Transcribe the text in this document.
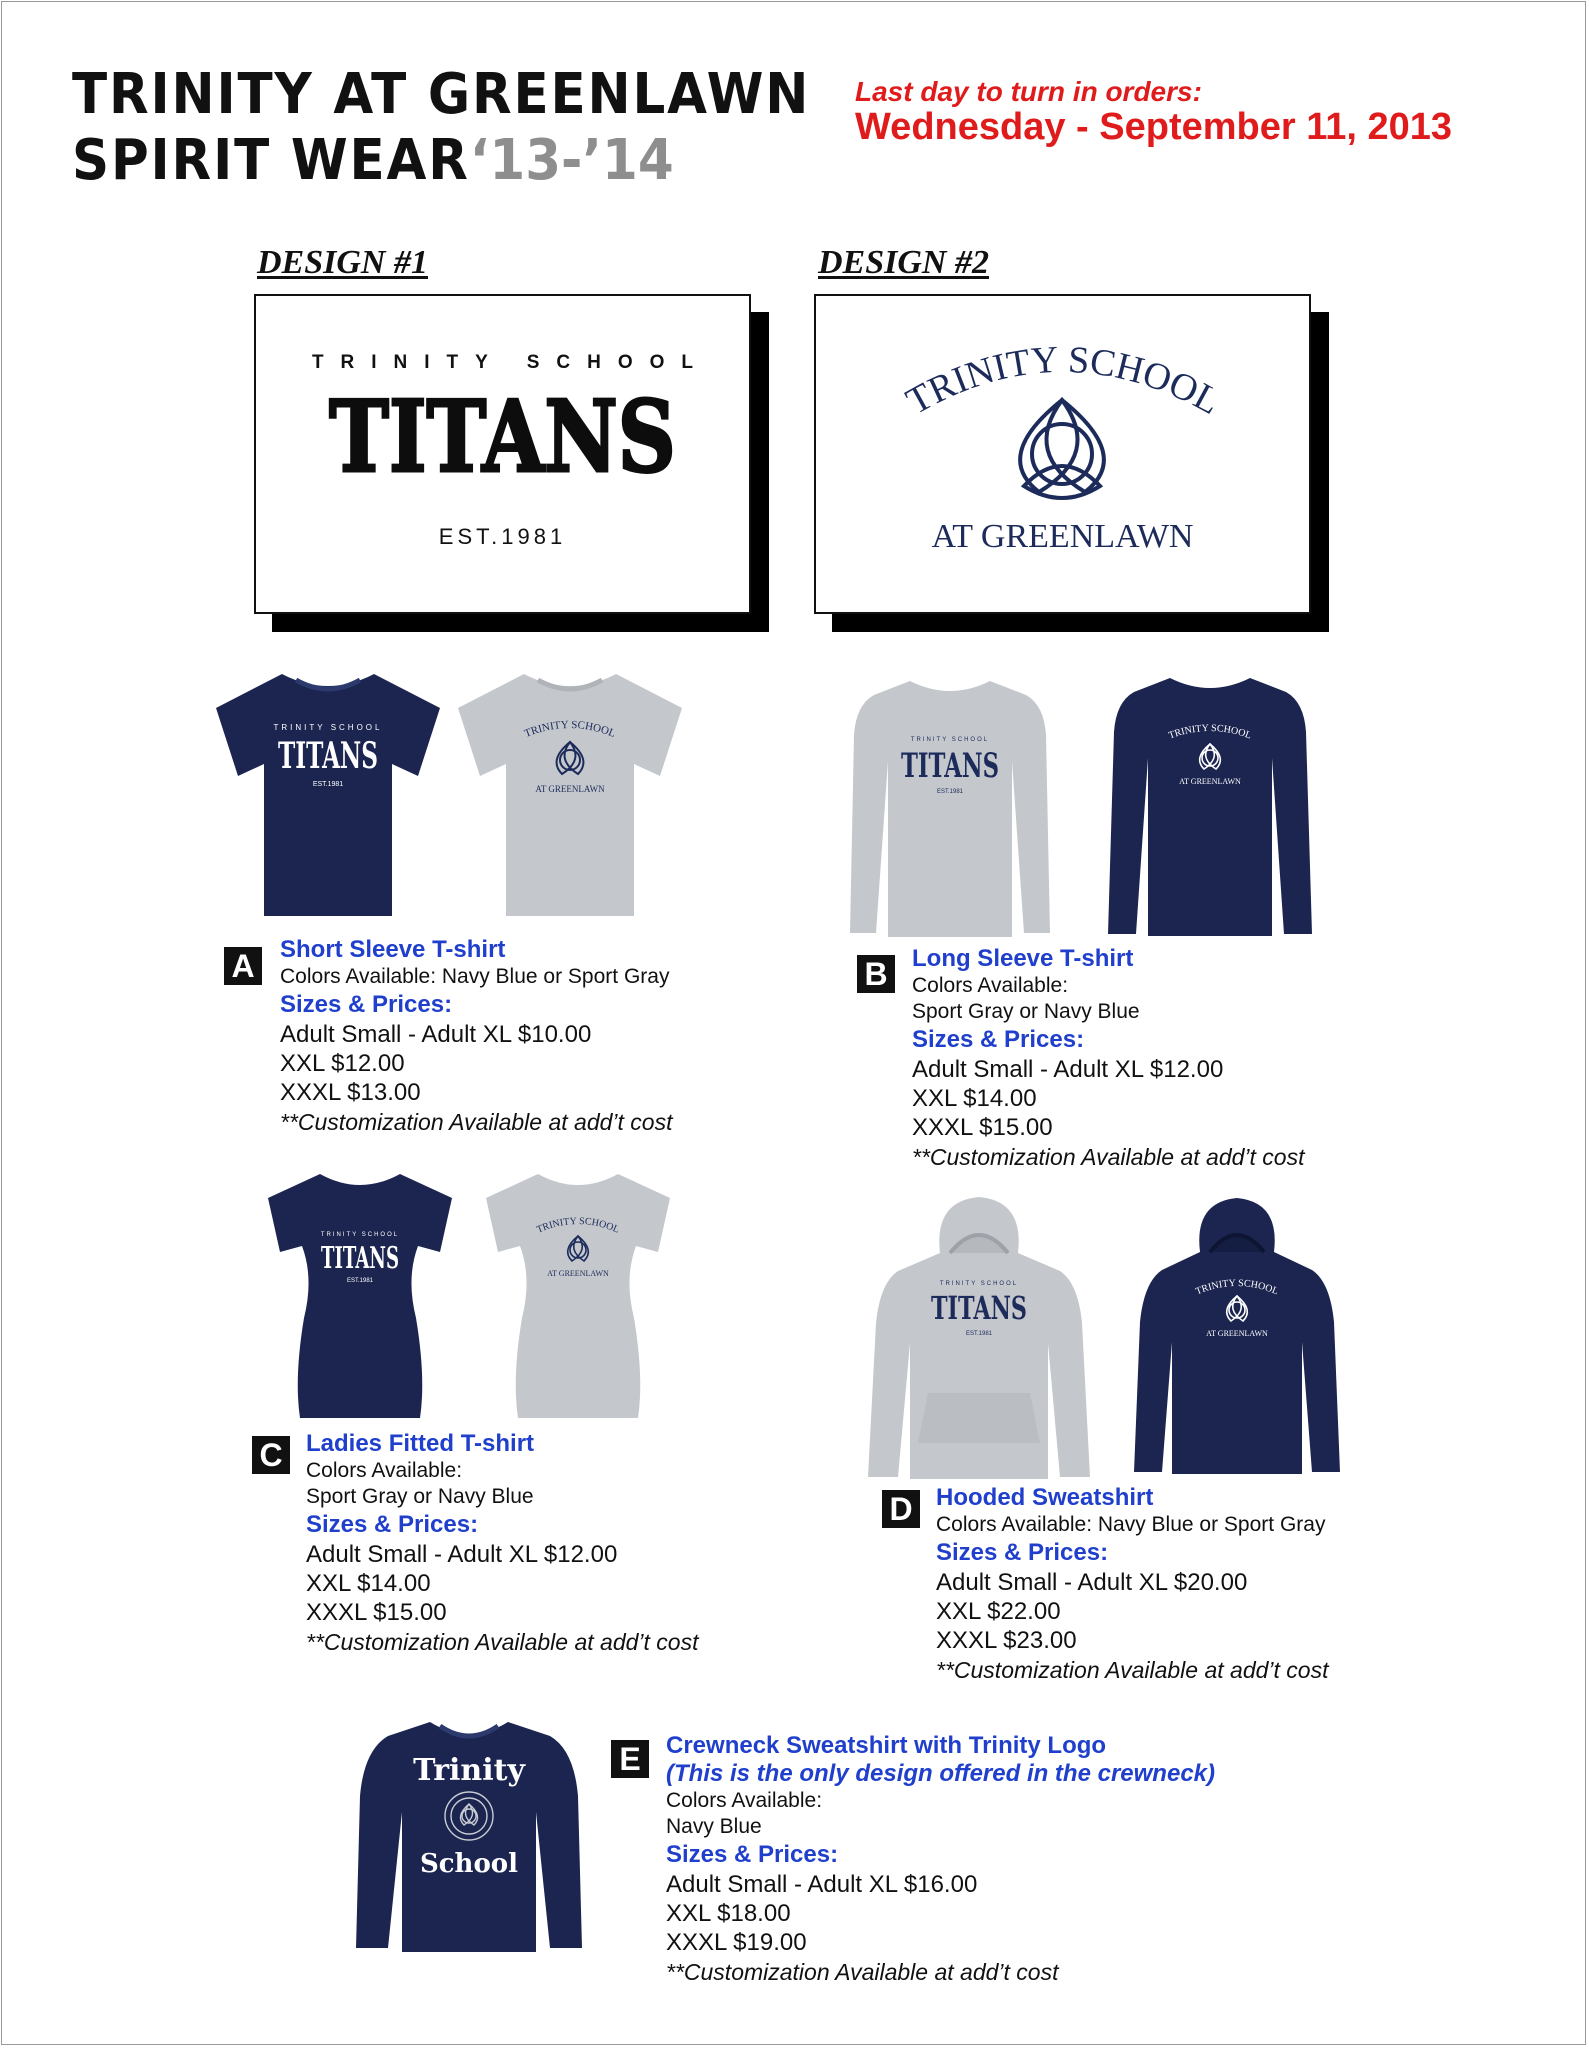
TRINITY AT GREENLAWN
SPIRIT WEAR‘13-’14
Last day to turn in orders:
Wednesday - September 11, 2013
DESIGN #1
TRINITY SCHOOL
TITANS
EST.1981
DESIGN #2
TRINITY SCHOOL
AT GREENLAWN
TRINITY SCHOOL
TITANS
EST.1981
TRINITY SCHOOL
AT GREENLAWN
TRINITY SCHOOL
TITANS
EST.1981
TRINITY SCHOOL
AT GREENLAWN
TRINITY SCHOOL
TITANS
EST.1981
TRINITY SCHOOL
AT GREENLAWN
TRINITY SCHOOL
TITANS
EST.1981
TRINITY SCHOOL
AT GREENLAWN
Trinity
School
A	Short Sleeve T-shirt
Colors Available: Navy Blue or Sport Gray
Sizes & Prices:
Adult Small - Adult XL $10.00
XXL $12.00
XXXL $13.00
**Customization Available at add’t cost
B	Long Sleeve T-shirt
Colors Available:
Sport Gray or Navy Blue
Sizes & Prices:
Adult Small - Adult XL $12.00
XXL $14.00
XXXL $15.00
**Customization Available at add’t cost
C Ladies Fitted T-shirt
Colors Available:
Sport Gray or Navy Blue
Sizes & Prices:
Adult Small - Adult XL $12.00
XXL $14.00
XXXL $15.00
**Customization Available at add’t cost
D Hooded Sweatshirt
Colors Available: Navy Blue or Sport Gray
Sizes & Prices:
Adult Small - Adult XL $20.00
XXL $22.00
XXXL $23.00
**Customization Available at add’t cost
E	Crewneck Sweatshirt with Trinity Logo
(This is the only design offered in the crewneck)
Colors Available:
Navy Blue
Sizes & Prices:
Adult Small - Adult XL $16.00
XXL $18.00
XXXL $19.00
**Customization Available at add’t cost
